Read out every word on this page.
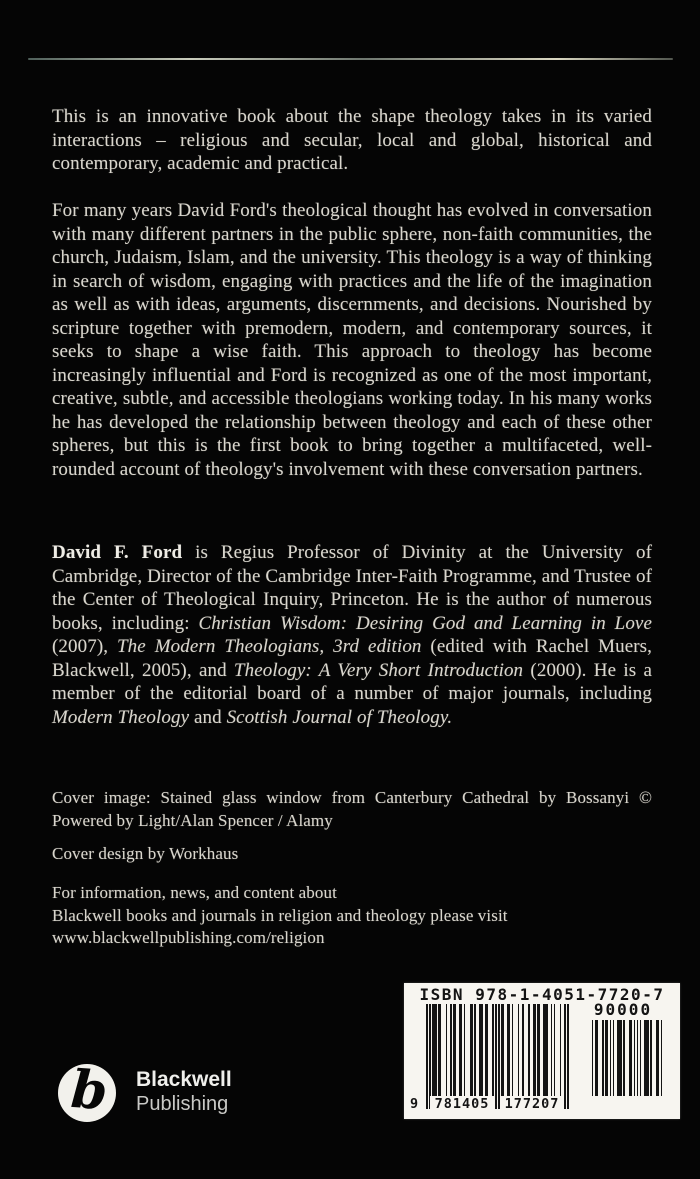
This is an innovative book about the shape theology takes in its varied interactions – religious and secular, local and global, historical and contemporary, academic and practical.

For many years David Ford's theological thought has evolved in conversation with many different partners in the public sphere, non-faith communities, the church, Judaism, Islam, and the university. This theology is a way of thinking in search of wisdom, engaging with practices and the life of the imagination as well as with ideas, arguments, discernments, and decisions. Nourished by scripture together with premodern, modern, and contemporary sources, it seeks to shape a wise faith. This approach to theology has become increasingly influential and Ford is recognized as one of the most important, creative, subtle, and accessible theologians working today. In his many works he has developed the relationship between theology and each of these other spheres, but this is the first book to bring together a multifaceted, well-rounded account of theology's involvement with these conversation partners.

David F. Ford is Regius Professor of Divinity at the University of Cambridge, Director of the Cambridge Inter-Faith Programme, and Trustee of the Center of Theological Inquiry, Princeton. He is the author of numerous books, including: Christian Wisdom: Desiring God and Learning in Love (2007), The Modern Theologians, 3rd edition (edited with Rachel Muers, Blackwell, 2005), and Theology: A Very Short Introduction (2000). He is a member of the editorial board of a number of major journals, including Modern Theology and Scottish Journal of Theology.

Cover image: Stained glass window from Canterbury Cathedral by Bossanyi © Powered by Light/Alan Spencer / Alamy

Cover design by Workhaus

For information, news, and content about
Blackwell books and journals in religion and theology please visit
www.blackwellpublishing.com/religion
ISBN 978-1-4051-7720-7
9	781405	177207
90000
b Blackwell
Publishing
